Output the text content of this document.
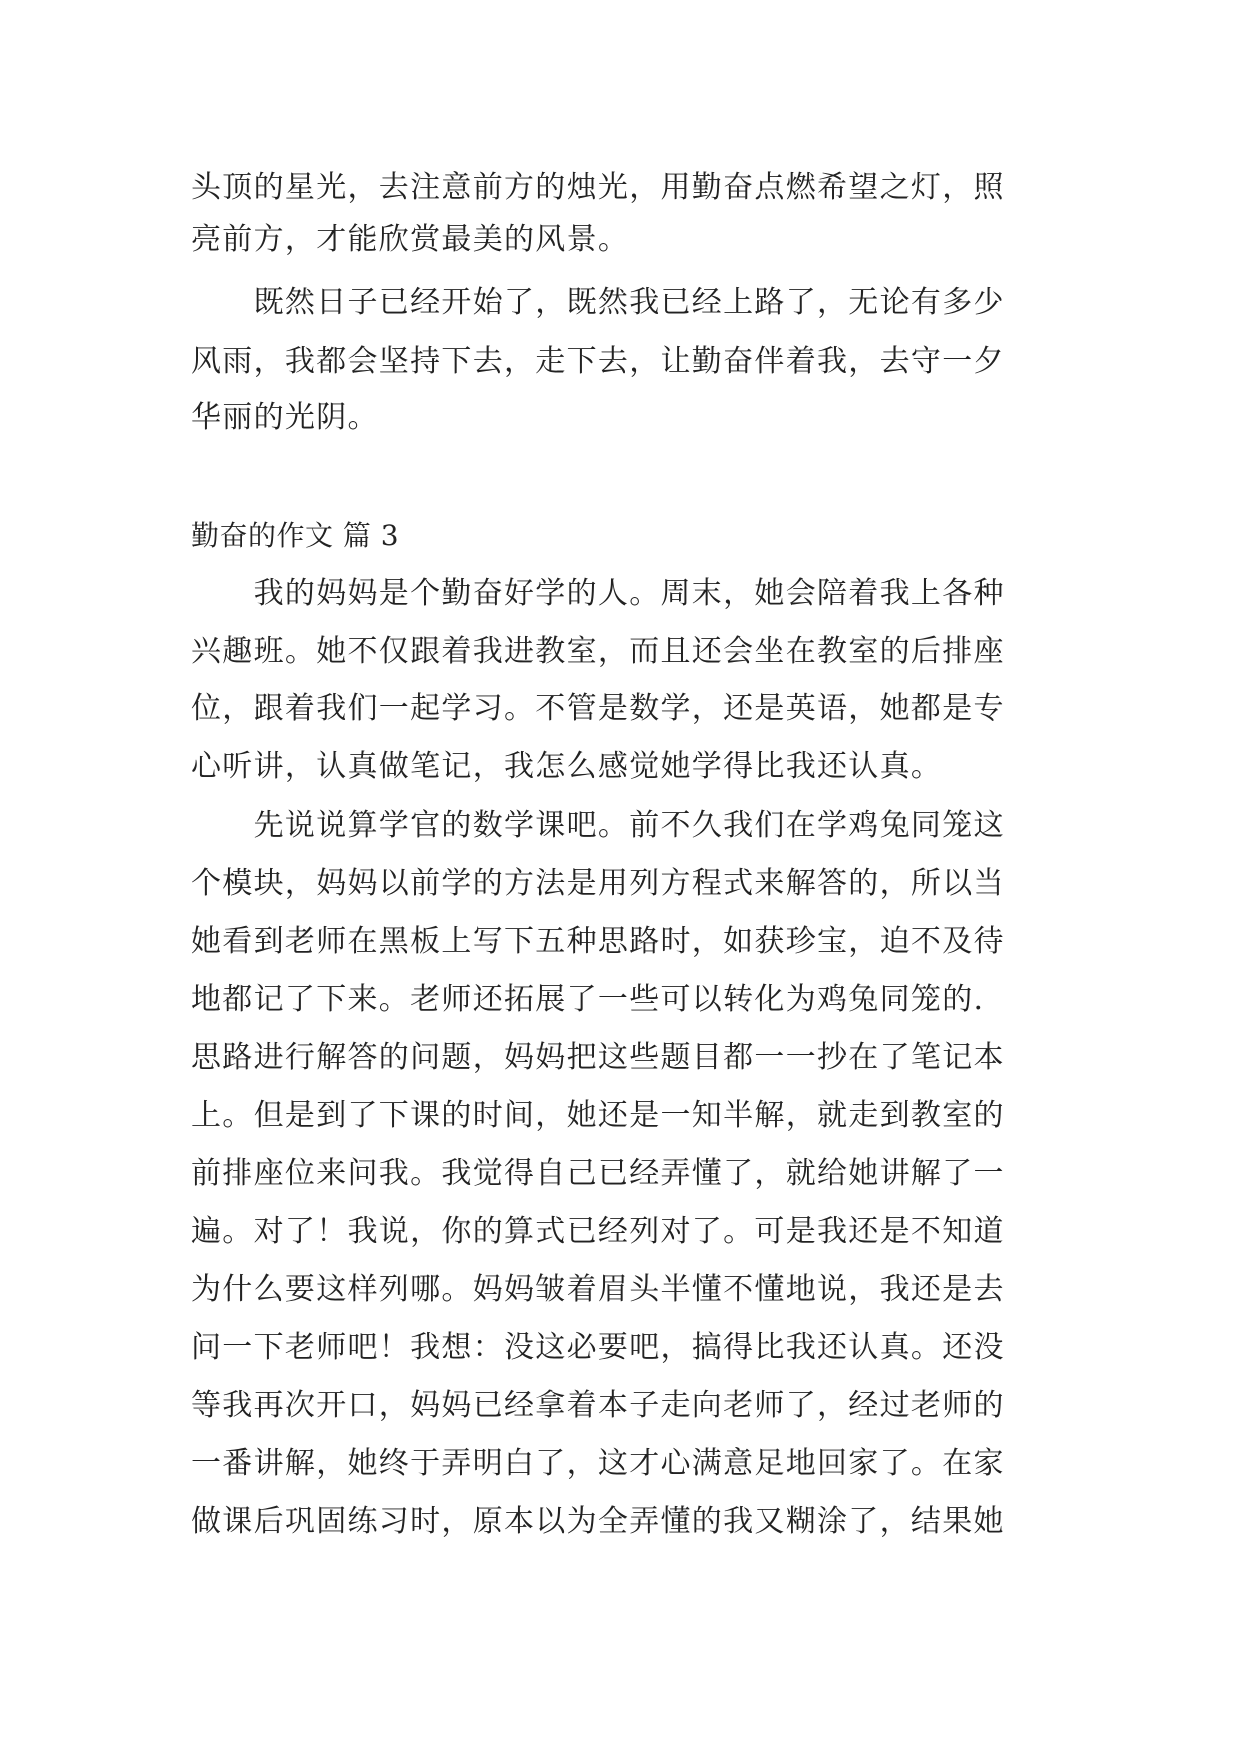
头顶的星光，去注意前方的烛光，用勤奋点燃希望之灯，照
亮前方，才能欣赏最美的风景。
　　既然日子已经开始了，既然我已经上路了，无论有多少
风雨，我都会坚持下去，走下去，让勤奋伴着我，去守一夕
华丽的光阴。
勤奋的作文 篇 3
　　我的妈妈是个勤奋好学的人。周末，她会陪着我上各种
兴趣班。她不仅跟着我进教室，而且还会坐在教室的后排座
位，跟着我们一起学习。不管是数学，还是英语，她都是专
心听讲，认真做笔记，我怎么感觉她学得比我还认真。
　　先说说算学官的数学课吧。前不久我们在学鸡兔同笼这
个模块，妈妈以前学的方法是用列方程式来解答的，所以当
她看到老师在黑板上写下五种思路时，如获珍宝，迫不及待
地都记了下来。老师还拓展了一些可以转化为鸡兔同笼的.
思路进行解答的问题，妈妈把这些题目都一一抄在了笔记本
上。但是到了下课的时间，她还是一知半解，就走到教室的
前排座位来问我。我觉得自己已经弄懂了，就给她讲解了一
遍。对了！我说，你的算式已经列对了。可是我还是不知道
为什么要这样列哪。妈妈皱着眉头半懂不懂地说，我还是去
问一下老师吧！我想：没这必要吧，搞得比我还认真。还没
等我再次开口，妈妈已经拿着本子走向老师了，经过老师的
一番讲解，她终于弄明白了，这才心满意足地回家了。在家
做课后巩固练习时，原本以为全弄懂的我又糊涂了，结果她
